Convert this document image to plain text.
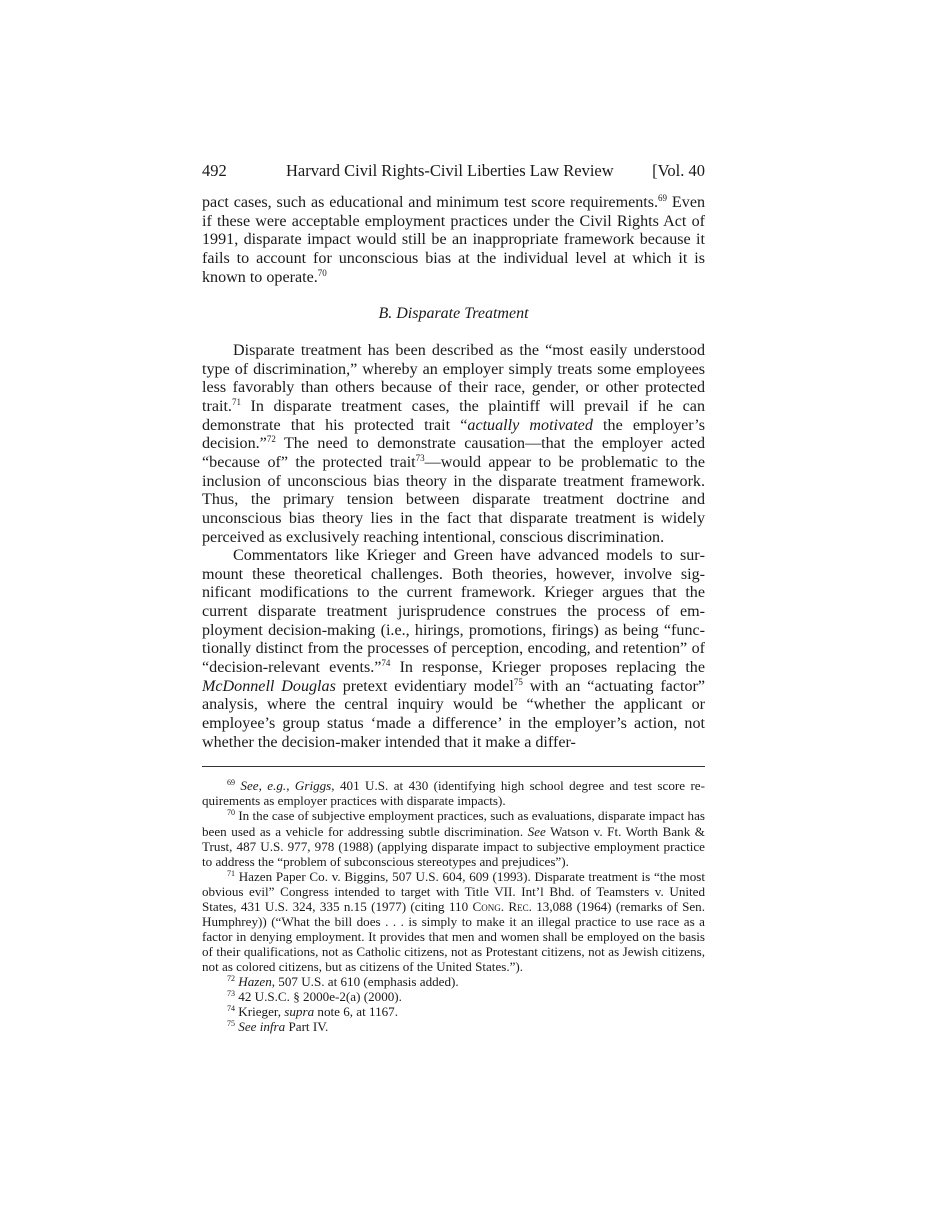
492	Harvard Civil Rights-Civil Liberties Law Review [Vol. 40

pact cases, such as educational and minimum test score requirements.$^{69}$ Even if these were acceptable employment practices under the Civil Rights Act of 1991, disparate impact would still be an inappropriate framework because it fails to account for unconscious bias at the individual level at which it is known to operate.$^{70}$

B. Disparate Treatment

Disparate treatment has been described as the “most easily understood type of discrimination,” whereby an employer simply treats some employees less favorably than others because of their race, gender, or other protected trait.$^{71}$ In disparate treatment cases, the plaintiff will prevail if he can demonstrate that his protected trait “actually motivated the employer’s decision.”$^{72}$ The need to demonstrate causation—that the employer acted “because of” the protected trait$^{73}$—would appear to be problematic to the inclusion of unconscious bias theory in the disparate treatment framework. Thus, the primary tension between disparate treatment doctrine and unconscious bias theory lies in the fact that disparate treatment is widely perceived as exclusively reaching intentional, conscious discrimination.

Commentators like Krieger and Green have advanced models to surmount these theoretical challenges. Both theories, however, involve significant modifications to the current framework. Krieger argues that the current disparate treatment jurisprudence construes the process of employment decision-making (i.e., hirings, promotions, firings) as being “functionally distinct from the processes of perception, encoding, and retention” of “decision-relevant events.”$^{74}$ In response, Krieger proposes replacing the McDonnell Douglas pretext evidentiary model$^{75}$ with an “actuating factor” analysis, where the central inquiry would be “whether the applicant or employee’s group status ‘made a difference’ in the employer’s action, not whether the decision-maker intended that it make a differ-

$^{69}$ See, e.g., Griggs, 401 U.S. at 430 (identifying high school degree and test score requirements as employer practices with disparate impacts).

$^{70}$ In the case of subjective employment practices, such as evaluations, disparate impact has been used as a vehicle for addressing subtle discrimination. See Watson v. Ft. Worth Bank & Trust, 487 U.S. 977, 978 (1988) (applying disparate impact to subjective employment practice to address the “problem of subconscious stereotypes and prejudices”).

$^{71}$ Hazen Paper Co. v. Biggins, 507 U.S. 604, 609 (1993). Disparate treatment is “the most obvious evil” Congress intended to target with Title VII. Int’l Bhd. of Teamsters v. United States, 431 U.S. 324, 335 n.15 (1977) (citing 110 Cong. Rec. 13,088 (1964) (remarks of Sen. Humphrey)) (“What the bill does . . . is simply to make it an illegal practice to use race as a factor in denying employment. It provides that men and women shall be employed on the basis of their qualifications, not as Catholic citizens, not as Protestant citizens, not as Jewish citizens, not as colored citizens, but as citizens of the United States.”).

$^{72}$ Hazen, 507 U.S. at 610 (emphasis added).

$^{73}$ 42 U.S.C. § 2000e-2(a) (2000).

$^{74}$ Krieger, supra note 6, at 1167.

$^{75}$ See infra Part IV.
